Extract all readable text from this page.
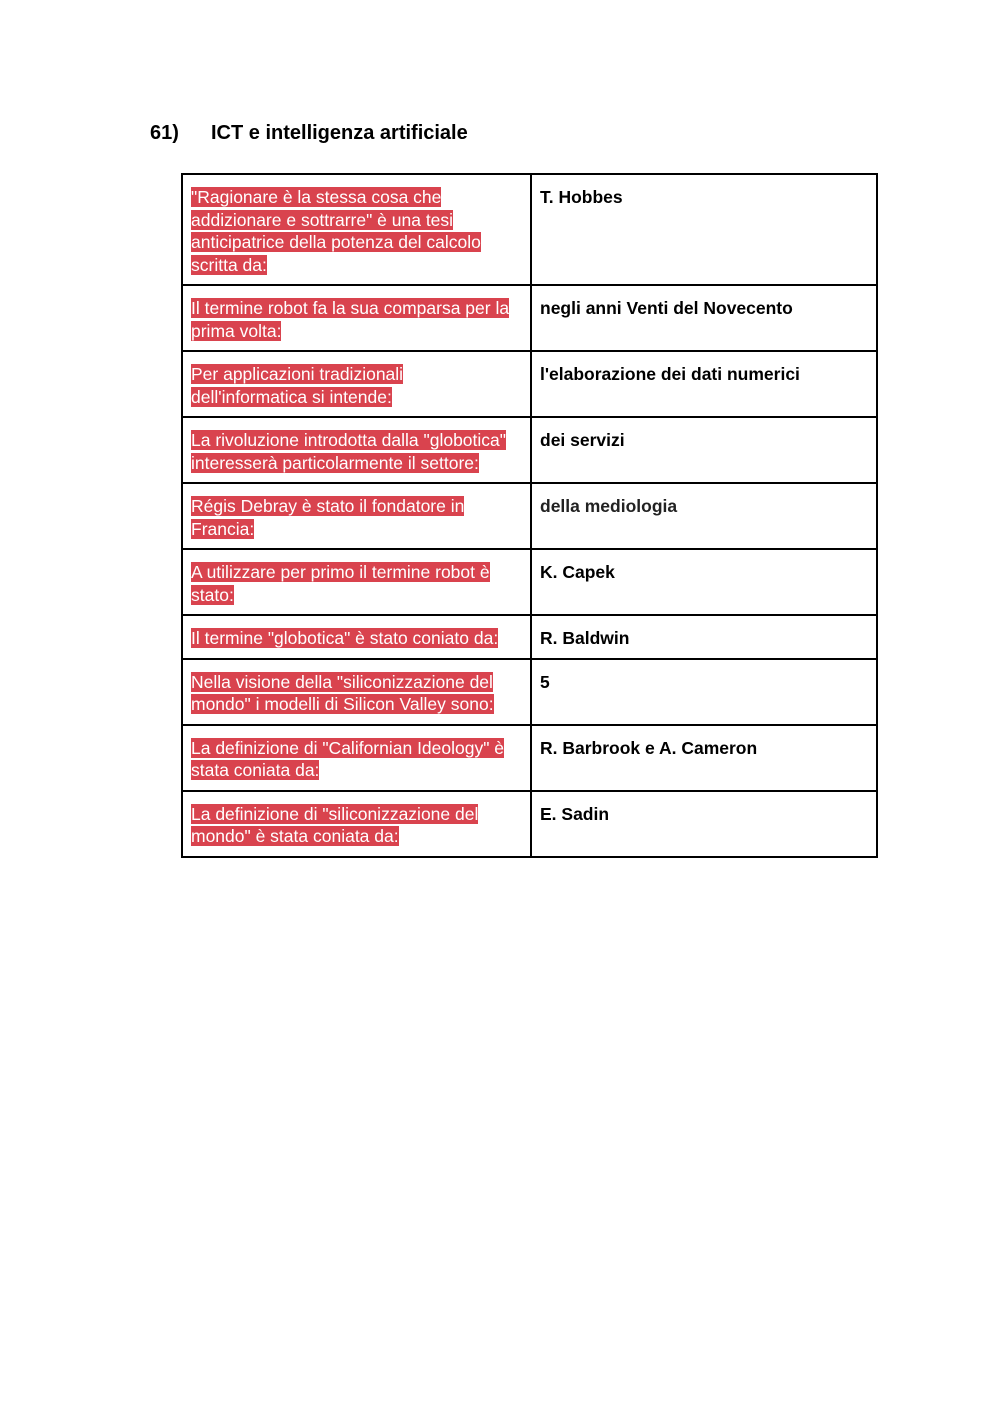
61) ICT e intelligenza artificiale
"Ragionare è la stessa cosa che addizionare e sottrarre" è una tesi anticipatrice della potenza del calcolo scritta da:	T. Hobbes
Il termine robot fa la sua comparsa per la prima volta:	negli anni Venti del Novecento
Per applicazioni tradizionali dell'informatica si intende:	l'elaborazione dei dati numerici
La rivoluzione introdotta dalla "globotica" interesserà particolarmente il settore:	dei servizi
Régis Debray è stato il fondatore in Francia:	della mediologia
A utilizzare per primo il termine robot è stato:	K. Capek
Il termine "globotica" è stato coniato da:	R. Baldwin
Nella visione della "siliconizzazione del mondo" i modelli di Silicon Valley sono:	5
La definizione di "Californian Ideology" è stata coniata da:	R. Barbrook e A. Cameron
La definizione di "siliconizzazione del mondo" è stata coniata da:	E. Sadin
